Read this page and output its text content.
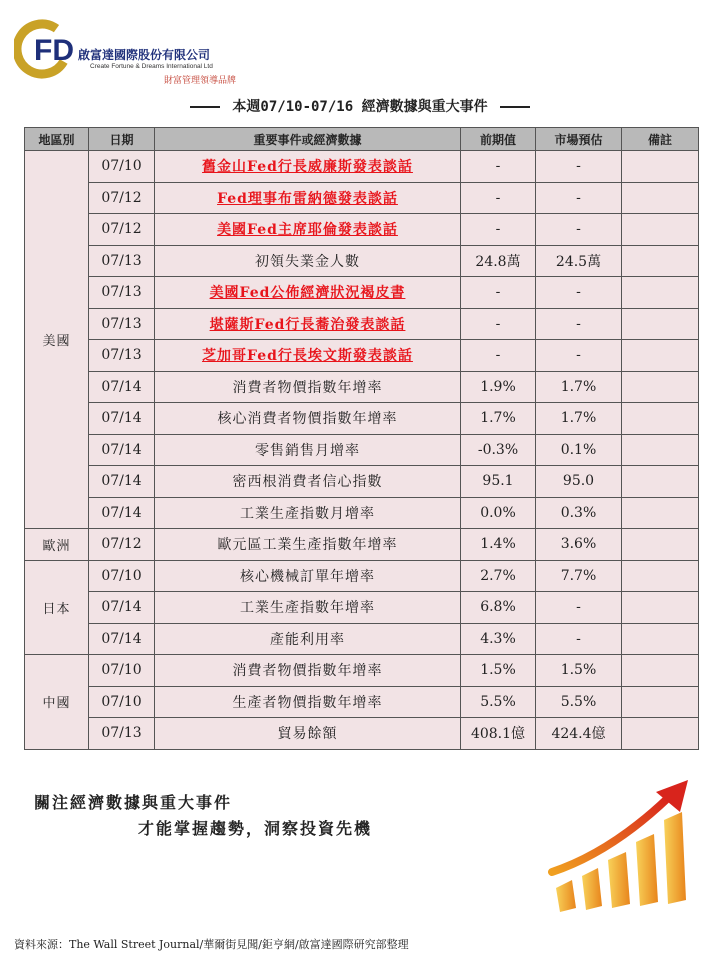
FD 啟富達國際股份有限公司
Create Fortune & Dreams International Ltd
財富管理領導品牌
本週07/10-07/16 經濟數據與重大事件
地區別	日期	重要事件或經濟數據	前期值	市場預估	備註
美國	07/10	舊金山Fed行長威廉斯發表談話	-	-	
	07/12	Fed理事布雷納德發表談話	-	-	
	07/12	美國Fed主席耶倫發表談話	-	-	
	07/13	初領失業金人數	24.8萬	24.5萬	
	07/13	美國Fed公佈經濟狀況褐皮書	-	-	
	07/13	堪薩斯Fed行長蕎治發表談話	-	-	
	07/13	芝加哥Fed行長埃文斯發表談話	-	-	
	07/14	消費者物價指數年增率	1.9%	1.7%	
	07/14	核心消費者物價指數年增率	1.7%	1.7%	
	07/14	零售銷售月增率	-0.3%	0.1%	
	07/14	密西根消費者信心指數	95.1	95.0	
	07/14	工業生產指數月增率	0.0%	0.3%	
歐洲	07/12	歐元區工業生產指數年增率	1.4%	3.6%	
日本	07/10	核心機械訂單年增率	2.7%	7.7%	
	07/14	工業生產指數年增率	6.8%	-	
	07/14	產能利用率	4.3%	-	
中國	07/10	消費者物價指數年增率	1.5%	1.5%	
	07/10	生產者物價指數年增率	5.5%	5.5%	
	07/13	貿易餘額	408.1億	424.4億	
關注經濟數據與重大事件
才能掌握趨勢，洞察投資先機
資料來源：The Wall Street Journal/華爾街見聞/鉅亨網/啟富達國際研究部整理
